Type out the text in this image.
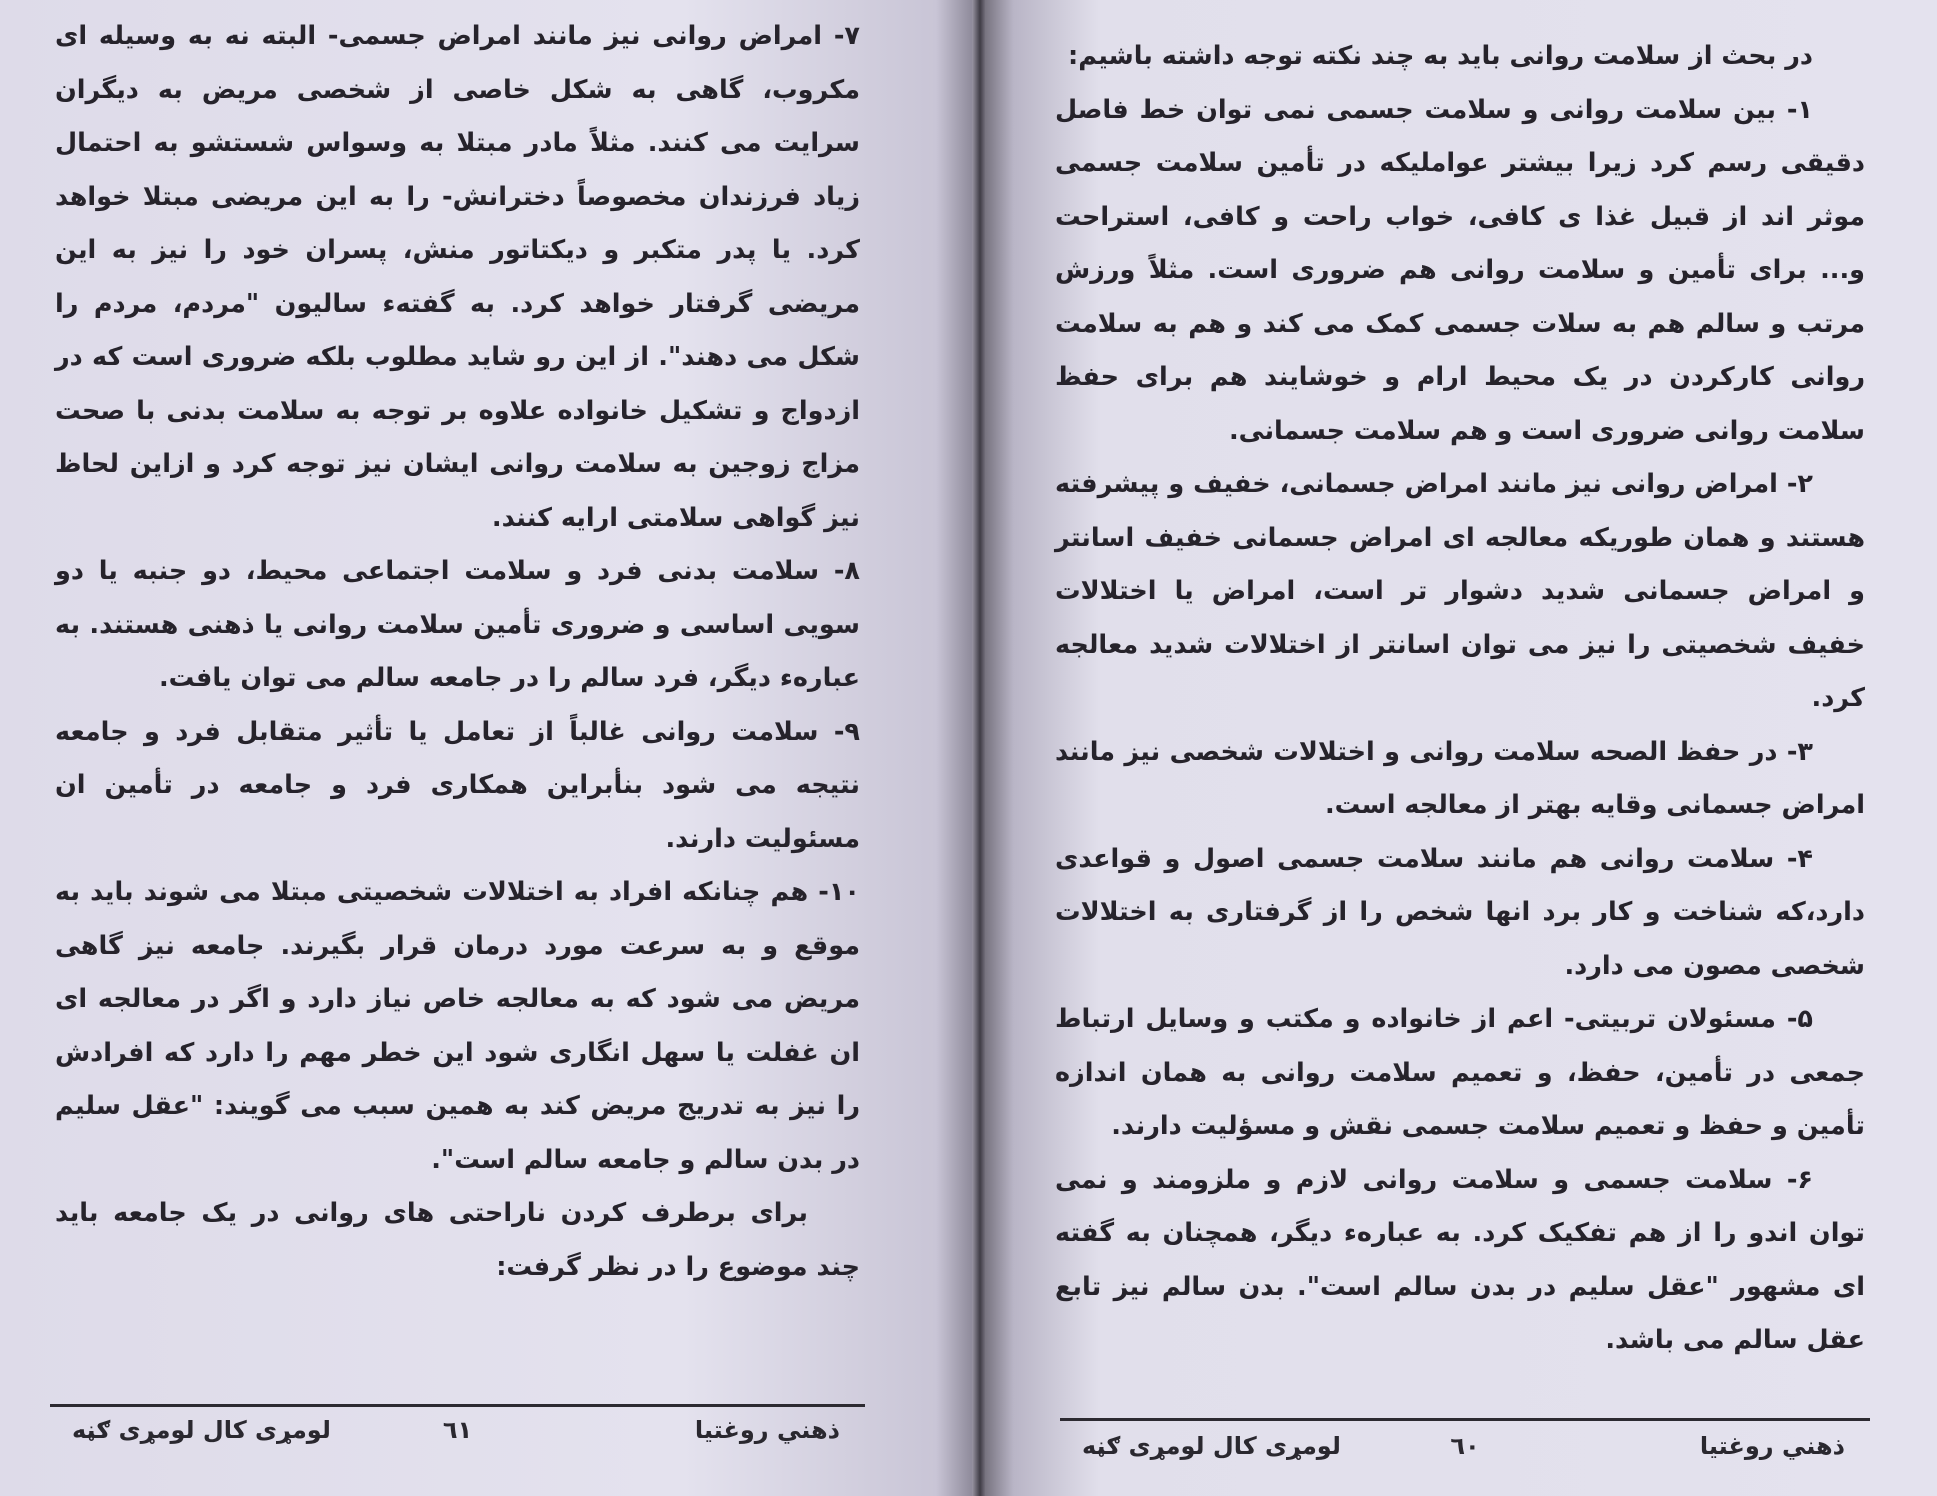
۷- امراض روانی نیز مانند امراض جسمی- البته نه به وسیله ای مکروب، گاهی به شکل خاصی از شخصی مریض به دیگران سرایت می کنند. مثلاً مادر مبتلا به وسواس شستشو به احتمال زیاد فرزندان مخصوصاً دخترانش- را به این مریضی مبتلا خواهد کرد. یا پدر متکبر و دیکتاتور منش، پسران خود را نیز به این مریضی گرفتار خواهد کرد. به گفتهء سالیون "مردم، مردم را شکل می دهند". از این رو شاید مطلوب بلکه ضروری است که در ازدواج و تشکیل خانواده علاوه بر توجه به سلامت بدنی با صحت مزاج زوجین به سلامت روانی ایشان نیز توجه کرد و ازاین لحاظ نیز گواهی سلامتی ارایه کنند.

۸- سلامت بدنی فرد و سلامت اجتماعی محیط، دو جنبه یا دو سویی اساسی و ضروری تأمین سلامت روانی یا ذهنی هستند. به عبارهء دیگر، فرد سالم را در جامعه سالم می توان یافت.

۹- سلامت روانی غالباً از تعامل یا تأثیر متقابل فرد و جامعه نتیجه می شود بنأبراین همکاری فرد و جامعه در تأمین ان مسئولیت دارند.

۱۰- هم چنانکه افراد به اختلالات شخصیتی مبتلا می شوند باید به موقع و به سرعت مورد درمان قرار بگیرند. جامعه نیز گاهی مریض می شود که به معالجه خاص نیاز دارد و اگر در معالجه ای ان غفلت یا سهل انگاری شود این خطر مهم را دارد که افرادش را نیز به تدریج مریض کند به همین سبب می گویند: "عقل سلیم در بدن سالم و جامعه سالم است".

برای برطرف کردن ناراحتی های روانی در یک جامعه باید چند موضوع را در نظر گرفت:

ذهني روغتيا
٦١
لومړی کال لومړی ګڼه

در بحث از سلامت روانی باید به چند نکته توجه داشته باشیم:

۱- بین سلامت روانی و سلامت جسمی نمی توان خط فاصل دقیقی رسم کرد زیرا بیشتر عواملیکه در تأمین سلامت جسمی موثر اند از قبیل غذا ی کافی، خواب راحت و کافی، استراحت و... برای تأمین و سلامت روانی هم ضروری است. مثلاً ورزش مرتب و سالم هم به سلات جسمی کمک می کند و هم به سلامت روانی کارکردن در یک محیط ارام و خوشایند هم برای حفظ سلامت روانی ضروری است و هم سلامت جسمانی.

۲- امراض روانی نیز مانند امراض جسمانی، خفیف و پیشرفته هستند و همان طوریکه معالجه ای امراض جسمانی خفیف اسانتر و امراض جسمانی شدید دشوار تر است، امراض یا اختلالات خفیف شخصیتی را نیز می توان اسانتر از اختلالات شدید معالجه کرد.

۳- در حفظ الصحه سلامت روانی و اختلالات شخصی نیز مانند امراض جسمانی وقایه بهتر از معالجه است.

۴- سلامت روانی هم مانند سلامت جسمی اصول و قواعدی دارد،که شناخت و کار برد انها شخص را از گرفتاری به اختلالات شخصی مصون می دارد.

۵- مسئولان تربیتی- اعم از خانواده و مکتب و وسایل ارتباط جمعی در تأمین، حفظ، و تعمیم سلامت روانی به همان اندازه تأمین و حفظ و تعمیم سلامت جسمی نقش و مسؤلیت دارند.

۶- سلامت جسمی و سلامت روانی لازم و ملزومند و نمی توان اندو را از هم تفکیک کرد. به عبارهء دیگر، همچنان به گفته ای مشهور "عقل سلیم در بدن سالم است". بدن سالم نیز تابع عقل سالم می باشد.

ذهني روغتيا
٦٠
لومړی کال لومړی ګڼه
